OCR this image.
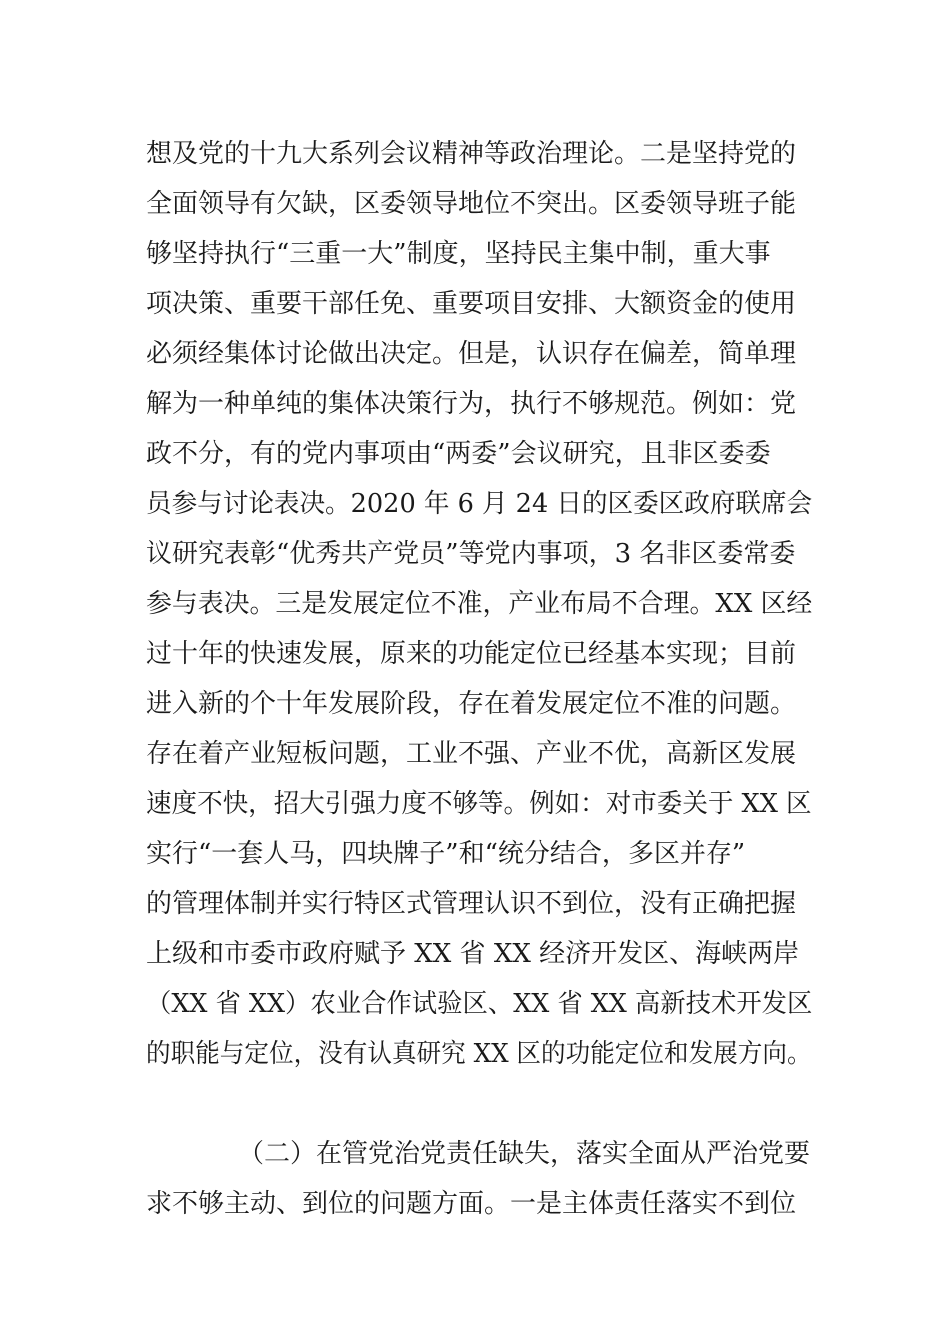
想及党的十九大系列会议精神等政治理论。二是坚持党的
全面领导有欠缺，区委领导地位不突出。区委领导班子能
够坚持执行“三重一大”制度，坚持民主集中制，重大事
项决策、重要干部任免、重要项目安排、大额资金的使用
必须经集体讨论做出决定。但是，认识存在偏差，简单理
解为一种单纯的集体决策行为，执行不够规范。例如：党
政不分，有的党内事项由“两委”会议研究，且非区委委
员参与讨论表决。2020 年 6 月 24 日的区委区政府联席会
议研究表彰“优秀共产党员”等党内事项，3 名非区委常委
参与表决。三是发展定位不准，产业布局不合理。XX 区经
过十年的快速发展，原来的功能定位已经基本实现；目前
进入新的个十年发展阶段，存在着发展定位不准的问题。
存在着产业短板问题，工业不强、产业不优，高新区发展
速度不快，招大引强力度不够等。例如：对市委关于 XX 区
实行“一套人马，四块牌子”和“统分结合，多区并存”
的管理体制并实行特区式管理认识不到位，没有正确把握
上级和市委市政府赋予 XX 省 XX 经济开发区、海峡两岸
（XX 省 XX）农业合作试验区、XX 省 XX 高新技术开发区
的职能与定位，没有认真研究 XX 区的功能定位和发展方向。
（二）在管党治党责任缺失，落实全面从严治党要
求不够主动、到位的问题方面。一是主体责任落实不到位
